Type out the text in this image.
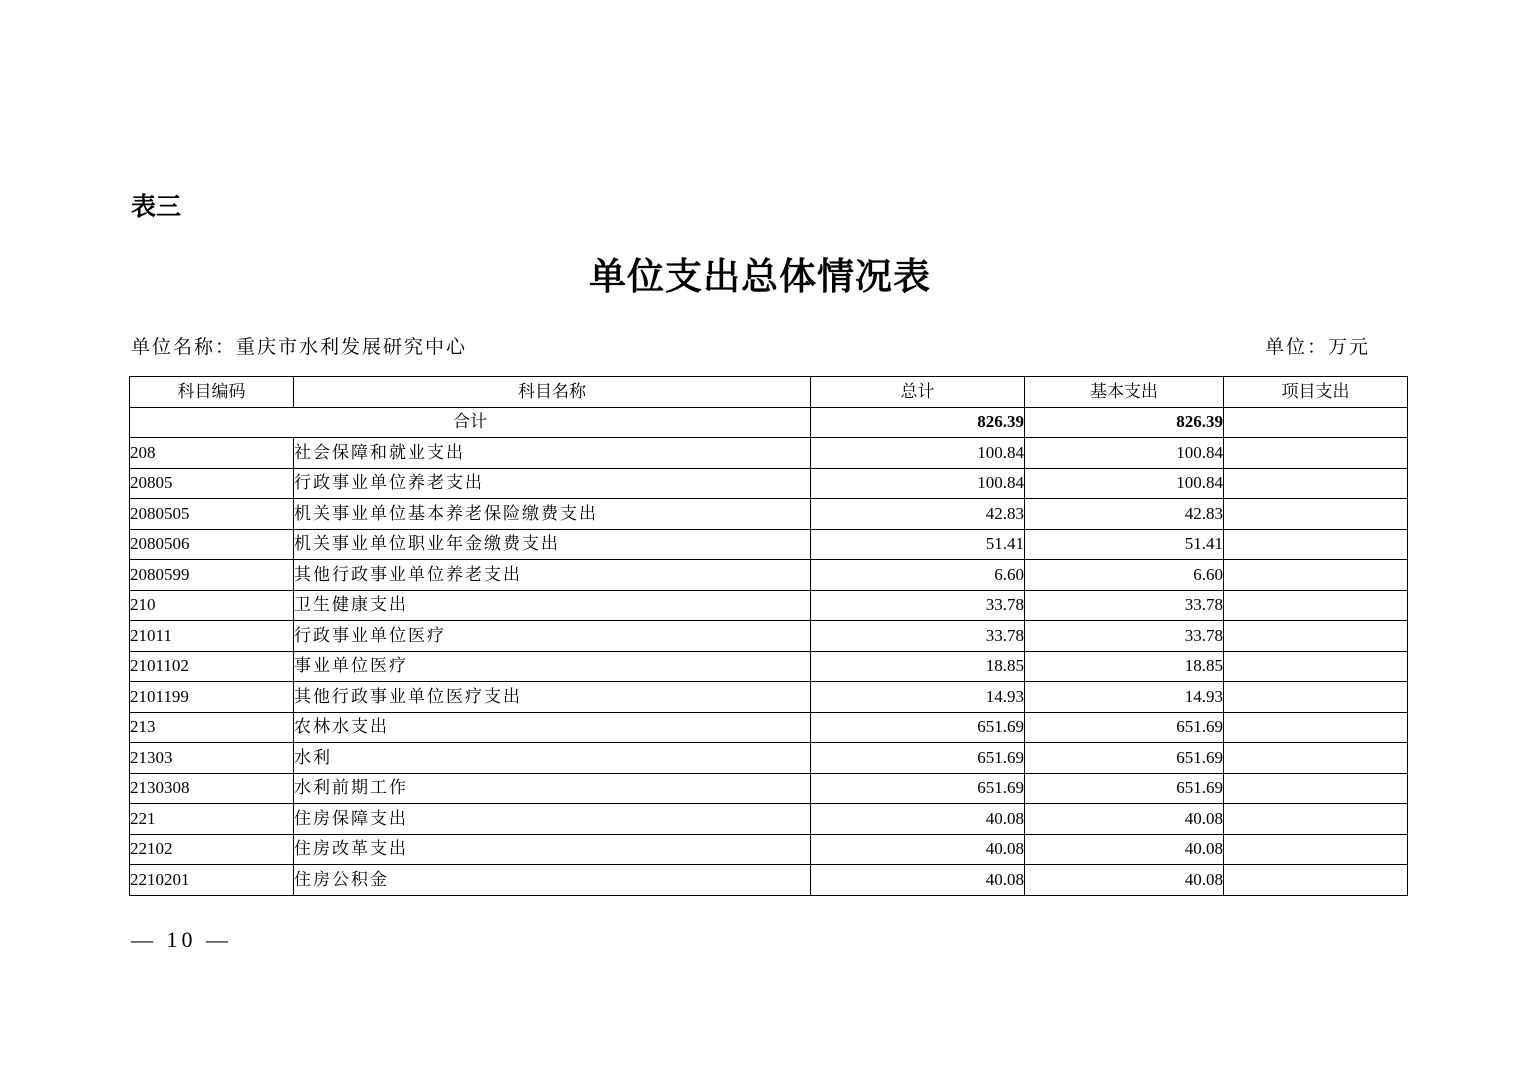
表三
单位支出总体情况表
单位名称：重庆市水利发展研究中心	单位：万元
科目编码	科目名称	总计	基本支出	项目支出
合计		826.39	826.39	
208	社会保障和就业支出	100.84	100.84	
20805	行政事业单位养老支出	100.84	100.84	
2080505	机关事业单位基本养老保险缴费支出	42.83	42.83	
2080506	机关事业单位职业年金缴费支出	51.41	51.41	
2080599	其他行政事业单位养老支出	6.60	6.60	
210	卫生健康支出	33.78	33.78	
21011	行政事业单位医疗	33.78	33.78	
2101102	事业单位医疗	18.85	18.85	
2101199	其他行政事业单位医疗支出	14.93	14.93	
213	农林水支出	651.69	651.69	
21303	水利	651.69	651.69	
2130308	水利前期工作	651.69	651.69	
221	住房保障支出	40.08	40.08	
22102	住房改革支出	40.08	40.08	
2210201	住房公积金	40.08	40.08	
— 10 —
